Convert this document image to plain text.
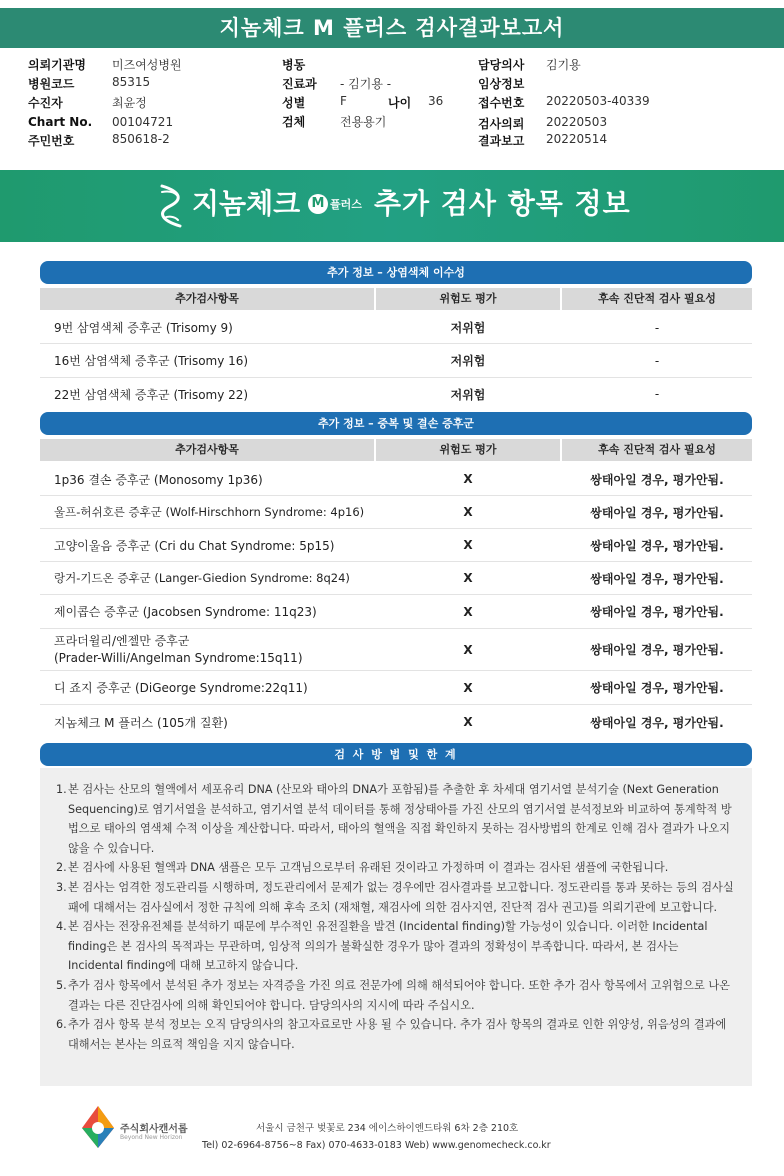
지놈체크 M 플러스 검사결과보고서
의뢰기관명 미즈여성병원
병원코드	85315
수진자	최윤정
Chart No. 00104721
주민번호	850618-2
병동
진료과 - 김기용 -
성별	F	나이 36
검체	전용용기
담당의사 김기용
임상정보
접수번호 20220503-40339
검사의뢰 20220503
결과보고 20220514
지놈체크 M 플러스 추가 검사 항목 정보
추가 정보 – 상염색체 이수성
추가검사항목	위험도 평가	후속 진단적 검사 필요성
9번 삼염색체 증후군 (Trisomy 9)	저위험	-
16번 삼염색체 증후군 (Trisomy 16)	저위험	-
22번 삼염색체 증후군 (Trisomy 22)	저위험	-
추가 정보 – 중복 및 결손 증후군
추가검사항목	위험도 평가	후속 진단적 검사 필요성
1p36 결손 증후군 (Monosomy 1p36)	X	쌍태아일 경우, 평가안됨.
울프-허쉬호른 증후군 (Wolf-Hirschhorn Syndrome: 4p16)	X	쌍태아일 경우, 평가안됨.
고양이울음 증후군 (Cri du Chat Syndrome: 5p15)	X	쌍태아일 경우, 평가안됨.
랑거-기드온 증후군 (Langer-Giedion Syndrome: 8q24)	X	쌍태아일 경우, 평가안됨.
제이콥슨 증후군 (Jacobsen Syndrome: 11q23)	X	쌍태아일 경우, 평가안됨.
프라더윌리/엔젤만 증후군
(Prader-Willi/Angelman Syndrome:15q11)
X	쌍태아일 경우, 평가안됨.
디 죠지 증후군 (DiGeorge Syndrome:22q11)	X	쌍태아일 경우, 평가안됨.
지놈체크 M 플러스 (105개 질환)	X	쌍태아일 경우, 평가안됨.
검 사 방 법 및 한 계
1. 본 검사는 산모의 혈액에서 세포유리 DNA (산모와 태아의 DNA가 포함됨)를 추출한 후 차세대 염기서열 분석기술 (Next Generation Sequencing)로 염기서열을 분석하고, 염기서열 분석 데이터를 통해 정상태아를 가진 산모의 염기서열 분석정보와 비교하여 통계학적 방법으로 태아의 염색체 수적 이상을 계산합니다. 따라서, 태아의 혈액을 직접 확인하지 못하는 검사방법의 한계로 인해 검사 결과가 나오지 않을 수 있습니다.
2. 본 검사에 사용된 혈액과 DNA 샘플은 모두 고객님으로부터 유래된 것이라고 가정하며 이 결과는 검사된 샘플에 국한됩니다.
3. 본 검사는 엄격한 정도관리를 시행하며, 정도관리에서 문제가 없는 경우에만 검사결과를 보고합니다. 정도관리를 통과 못하는 등의 검사실패에 대해서는 검사실에서 정한 규칙에 의해 후속 조치 (재채혈, 재검사에 의한 검사지연, 진단적 검사 권고)를 의뢰기관에 보고합니다.
4. 본 검사는 전장유전체를 분석하기 때문에 부수적인 유전질환을 발견 (Incidental finding)할 가능성이 있습니다. 이러한 Incidental finding은 본 검사의 목적과는 무관하며, 임상적 의의가 불확실한 경우가 많아 결과의 정확성이 부족합니다. 따라서, 본 검사는 Incidental finding에 대해 보고하지 않습니다.
5. 추가 검사 항목에서 분석된 추가 정보는 자격증을 가진 의료 전문가에 의해 해석되어야 합니다. 또한 추가 검사 항목에서 고위험으로 나온 결과는 다른 진단검사에 의해 확인되어야 합니다. 담당의사의 지시에 따라 주십시오.
6. 추가 검사 항목 분석 정보는 오직 담당의사의 참고자료로만 사용 될 수 있습니다. 추가 검사 항목의 결과로 인한 위양성, 위음성의 결과에 대해서는 본사는 의료적 책임을 지지 않습니다.
주식회사캔서롭
Beyond New Horizon
서울시 금천구 벚꽃로 234 에이스하이엔드타워 6차 2층 210호
Tel) 02-6964-8756~8 Fax) 070-4633-0183 Web) www.genomecheck.co.kr
